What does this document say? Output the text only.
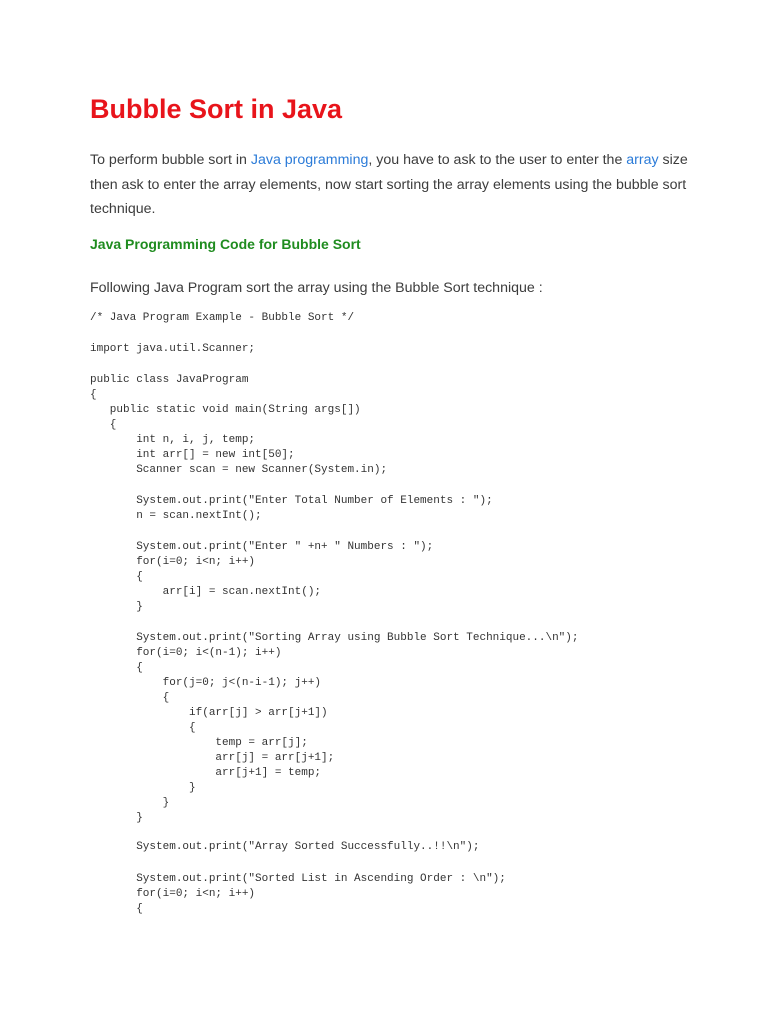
Bubble Sort in Java
To perform bubble sort in Java programming, you have to ask to the user to enter the array size then ask to enter the array elements, now start sorting the array elements using the bubble sort technique.
Java Programming Code for Bubble Sort
Following Java Program sort the array using the Bubble Sort technique :
/* Java Program Example - Bubble Sort */
import java.util.Scanner;
public class JavaProgram
{
public static void main(String args[])
{
int n, i, j, temp;
int arr[] = new int[50];
Scanner scan = new Scanner(System.in);
System.out.print("Enter Total Number of Elements : ");
n = scan.nextInt();
System.out.print("Enter " +n+ " Numbers : ");
for(i=0; i<n; i++)
{
arr[i] = scan.nextInt();
}
System.out.print("Sorting Array using Bubble Sort Technique...\n");
for(i=0; i<(n-1); i++)
{
for(j=0; j<(n-i-1); j++)
{
if(arr[j] > arr[j+1])
{
temp = arr[j];
arr[j] = arr[j+1];
arr[j+1] = temp;
}
}
}
System.out.print("Array Sorted Successfully..!!\n");
System.out.print("Sorted List in Ascending Order : \n");
for(i=0; i<n; i++)
{
